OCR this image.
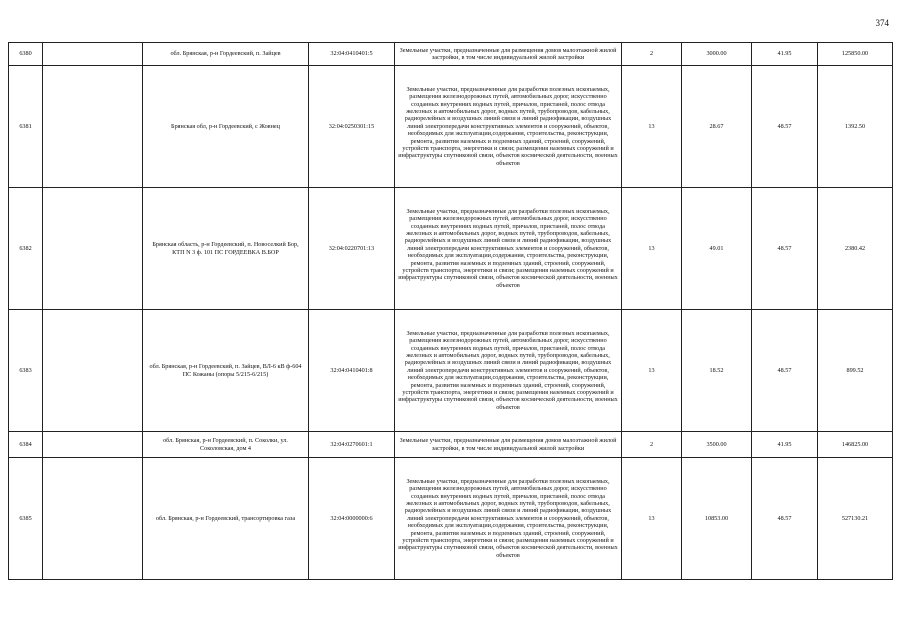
374
6380		обл. Брянская, р-н Гордеевский, п. Зайцев	32:04:0410401:5	Земельные участки, предназначенные для размещения домов малоэтажной жилой застройки, в том числе индивидуальной жилой застройки	2	3000.00	41.95	125850.00
6381		Брянская обл, р-н Гордеевский, с Жовнец	32:04:0250301:15	Земельные участки, предназначенные для разработки полезных ископаемых, размещения железнодорожных путей, автомобильных дорог, искусственно созданных внутренних водных путей, причалов, пристаней, полос отвода железных и автомобильных дорог, водных путей, трубопроводов, кабельных, радиорелейных и воздушных линий связи и линий радиофикации, воздушных линий электропередачи конструктивных элементов и сооружений, объектов, необходимых для эксплуатации,содержания, строительства, реконструкции, ремонта, развития наземных и подземных зданий, строений, сооружений, устройств транспорта, энергетики и связи; размещения наземных сооружений и инфраструктуры спутниковой связи, объектов космической деятельности, военных объектов	13	28.67	48.57	1392.50
6382		Брянская область, р-н Гордеевский, п. Новоселкий Бор, КТП N 3 ф. 101 ПС ГОРДЕЕВКА В.БОР	32:04:0220701:13	Земельные участки, предназначенные для разработки полезных ископаемых, размещения железнодорожных путей, автомобильных дорог, искусственно созданных внутренних водных путей, причалов, пристаней, полос отвода железных и автомобильных дорог, водных путей, трубопроводов, кабельных, радиорелейных и воздушных линий связи и линий радиофикации, воздушных линий электропередачи конструктивных элементов и сооружений, объектов, необходимых для эксплуатации,содержания, строительства, реконструкции, ремонта, развития наземных и подземных зданий, строений, сооружений, устройств транспорта, энергетики и связи; размещения наземных сооружений и инфраструктуры спутниковой связи, объектов космической деятельности, военных объектов	13	49.01	48.57	2380.42
6383		обл. Брянская, р-н Гордеевский, п. Зайцев, ВЛ-6 кВ ф-604 ПС Кожаны (опоры 5/215-6/215)	32:04:0410401:8	Земельные участки, предназначенные для разработки полезных ископаемых, размещения железнодорожных путей, автомобильных дорог, искусственно созданных внутренних водных путей, причалов, пристаней, полос отвода железных и автомобильных дорог, водных путей, трубопроводов, кабельных, радиорелейных и воздушных линий связи и линий радиофикации, воздушных линий электропередачи конструктивных элементов и сооружений, объектов, необходимых для эксплуатации,содержания, строительства, реконструкции, ремонта, развития наземных и подземных зданий, строений, сооружений, устройств транспорта, энергетики и связи; размещения наземных сооружений и инфраструктуры спутниковой связи, объектов космической деятельности, военных объектов	13	18.52	48.57	899.52
6384		обл. Брянская, р-н Гордеевский, п. Соколки, ул. Соколовская, дом 4	32:04:0270601:1	Земельные участки, предназначенные для размещения домов малоэтажной жилой застройки, в том числе индивидуальной жилой застройки	2	3500.00	41.95	146825.00
6385		обл. Брянская, р-н Гордеевский, трансортировка газа	32:04:0000000:6	Земельные участки, предназначенные для разработки полезных ископаемых, размещения железнодорожных путей, автомобильных дорог, искусственно созданных внутренних водных путей, причалов, пристаней, полос отвода железных и автомобильных дорог, водных путей, трубопроводов, кабельных, радиорелейных и воздушных линий связи и линий радиофикации, воздушных линий электропередачи конструктивных элементов и сооружений, объектов, необходимых для эксплуатации,содержания, строительства, реконструкции, ремонта, развития наземных и подземных зданий, строений, сооружений, устройств транспорта, энергетики и связи; размещения наземных сооружений и инфраструктуры спутниковой связи, объектов космической деятельности, военных объектов	13	10853.00	48.57	527130.21
